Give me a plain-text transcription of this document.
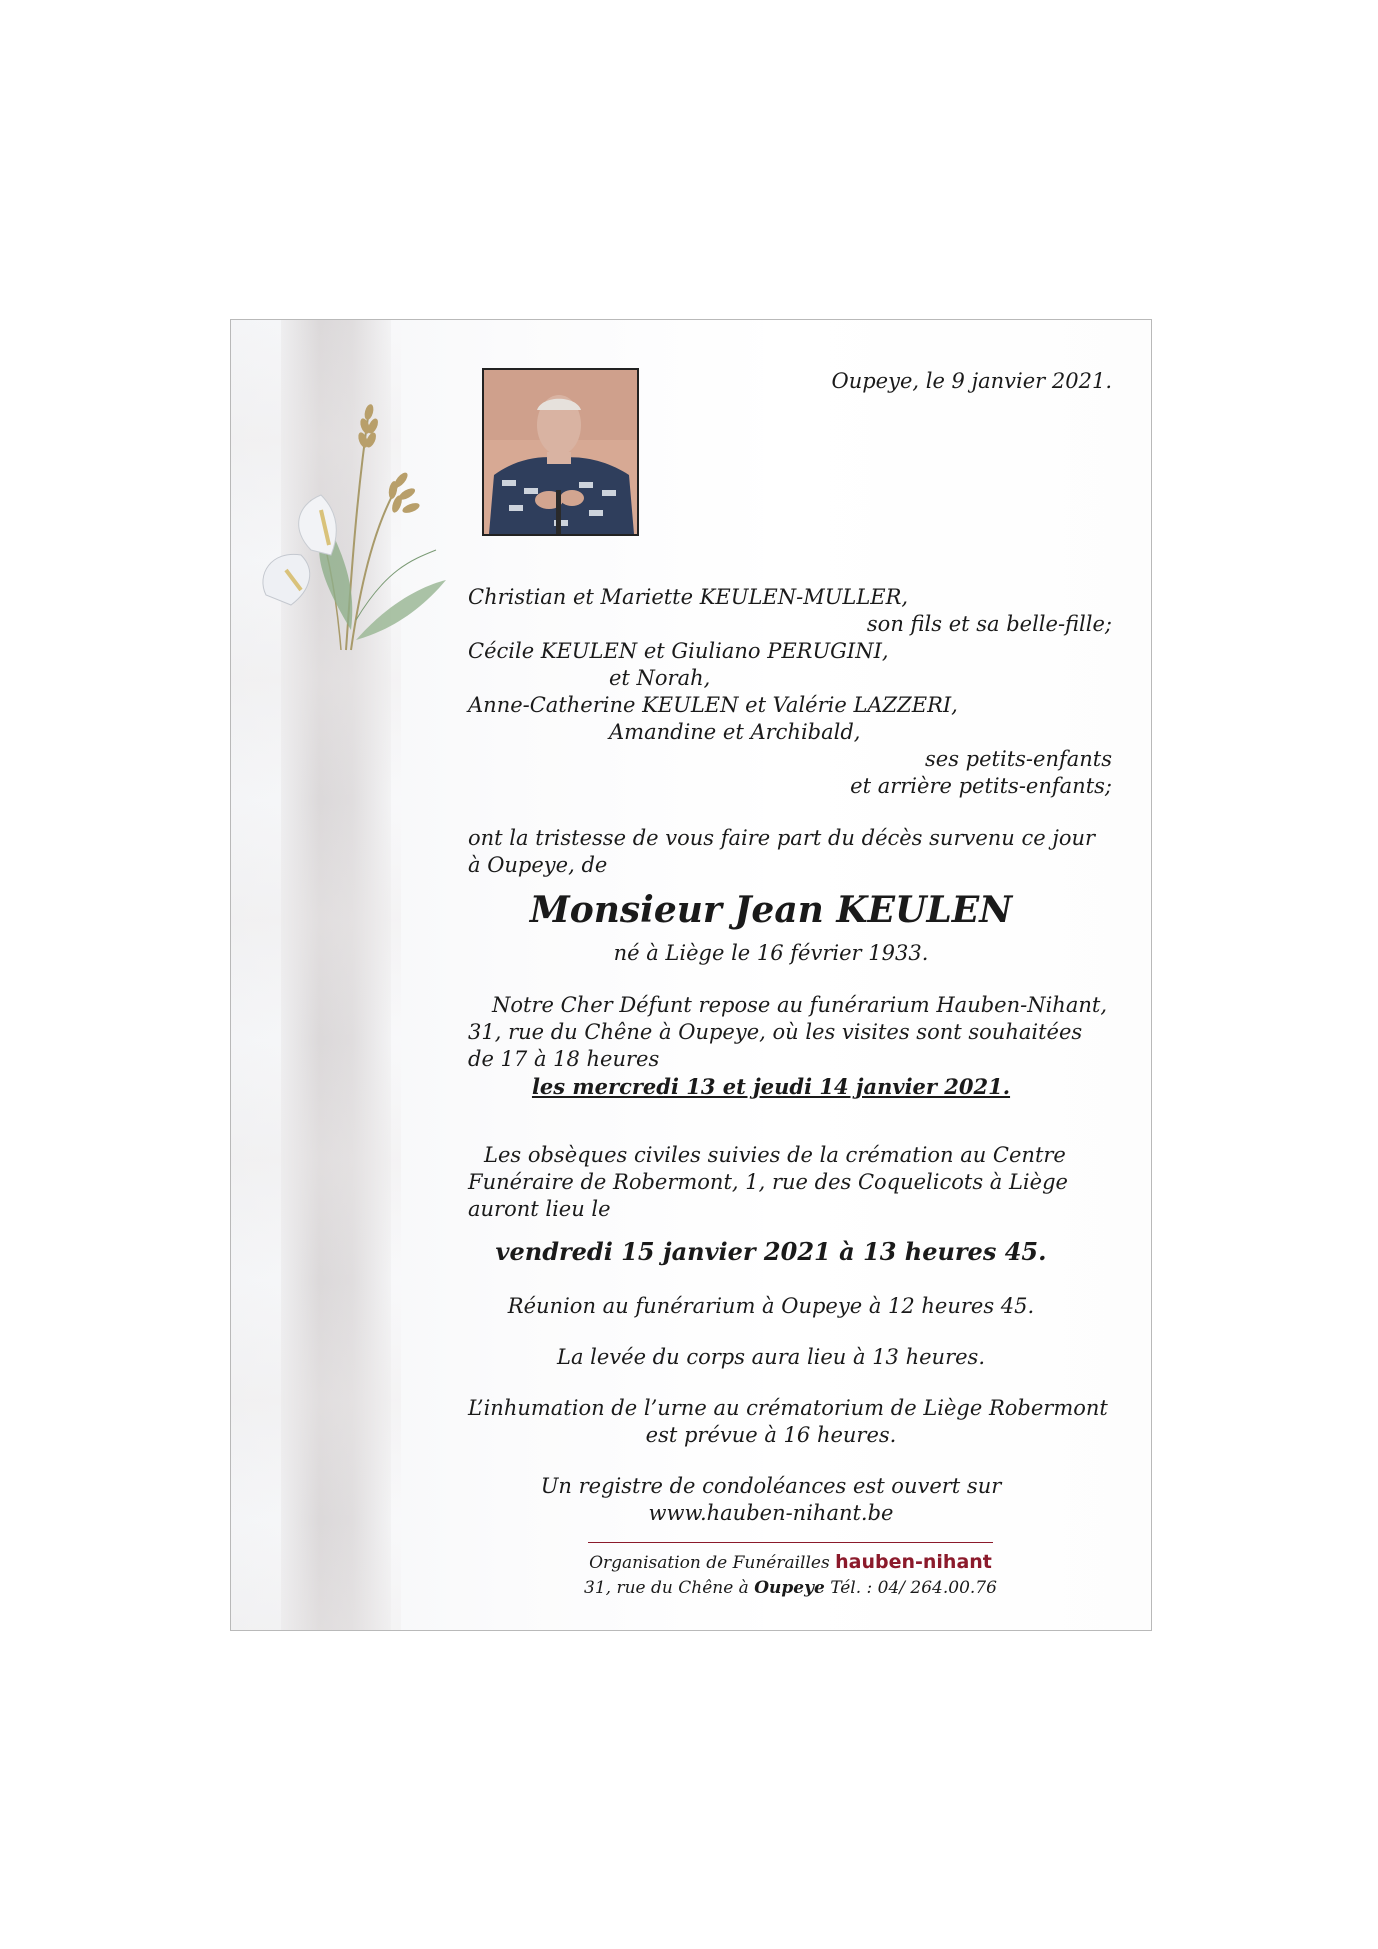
Oupeye, le 9 janvier 2021.
Christian et Mariette KEULEN-MULLER,
son fils et sa belle-fille;
Cécile KEULEN et Giuliano PERUGINI,
et Norah,
Anne-Catherine KEULEN et Valérie LAZZERI,
Amandine et Archibald,
ses petits-enfants
et arrière petits-enfants;
ont la tristesse de vous faire part du décès survenu ce jour
à Oupeye, de
Monsieur Jean KEULEN
né à Liège le 16 février 1933.
Notre Cher Défunt repose au funérarium Hauben-Nihant,
31, rue du Chêne à Oupeye, où les visites sont souhaitées
de 17 à 18 heures
les mercredi 13 et jeudi 14 janvier 2021.
Les obsèques civiles suivies de la crémation au Centre
Funéraire de Robermont, 1, rue des Coquelicots à Liège
auront lieu le
vendredi 15 janvier 2021 à 13 heures 45.
Réunion au funérarium à Oupeye à 12 heures 45.
La levée du corps aura lieu à 13 heures.
L’inhumation de l’urne au crématorium de Liège Robermont
est prévue à 16 heures.
Un registre de condoléances est ouvert sur
www.hauben-nihant.be
Organisation de Funérailles hauben-nihant
31, rue du Chêne à Oupeye Tél. : 04/ 264.00.76
